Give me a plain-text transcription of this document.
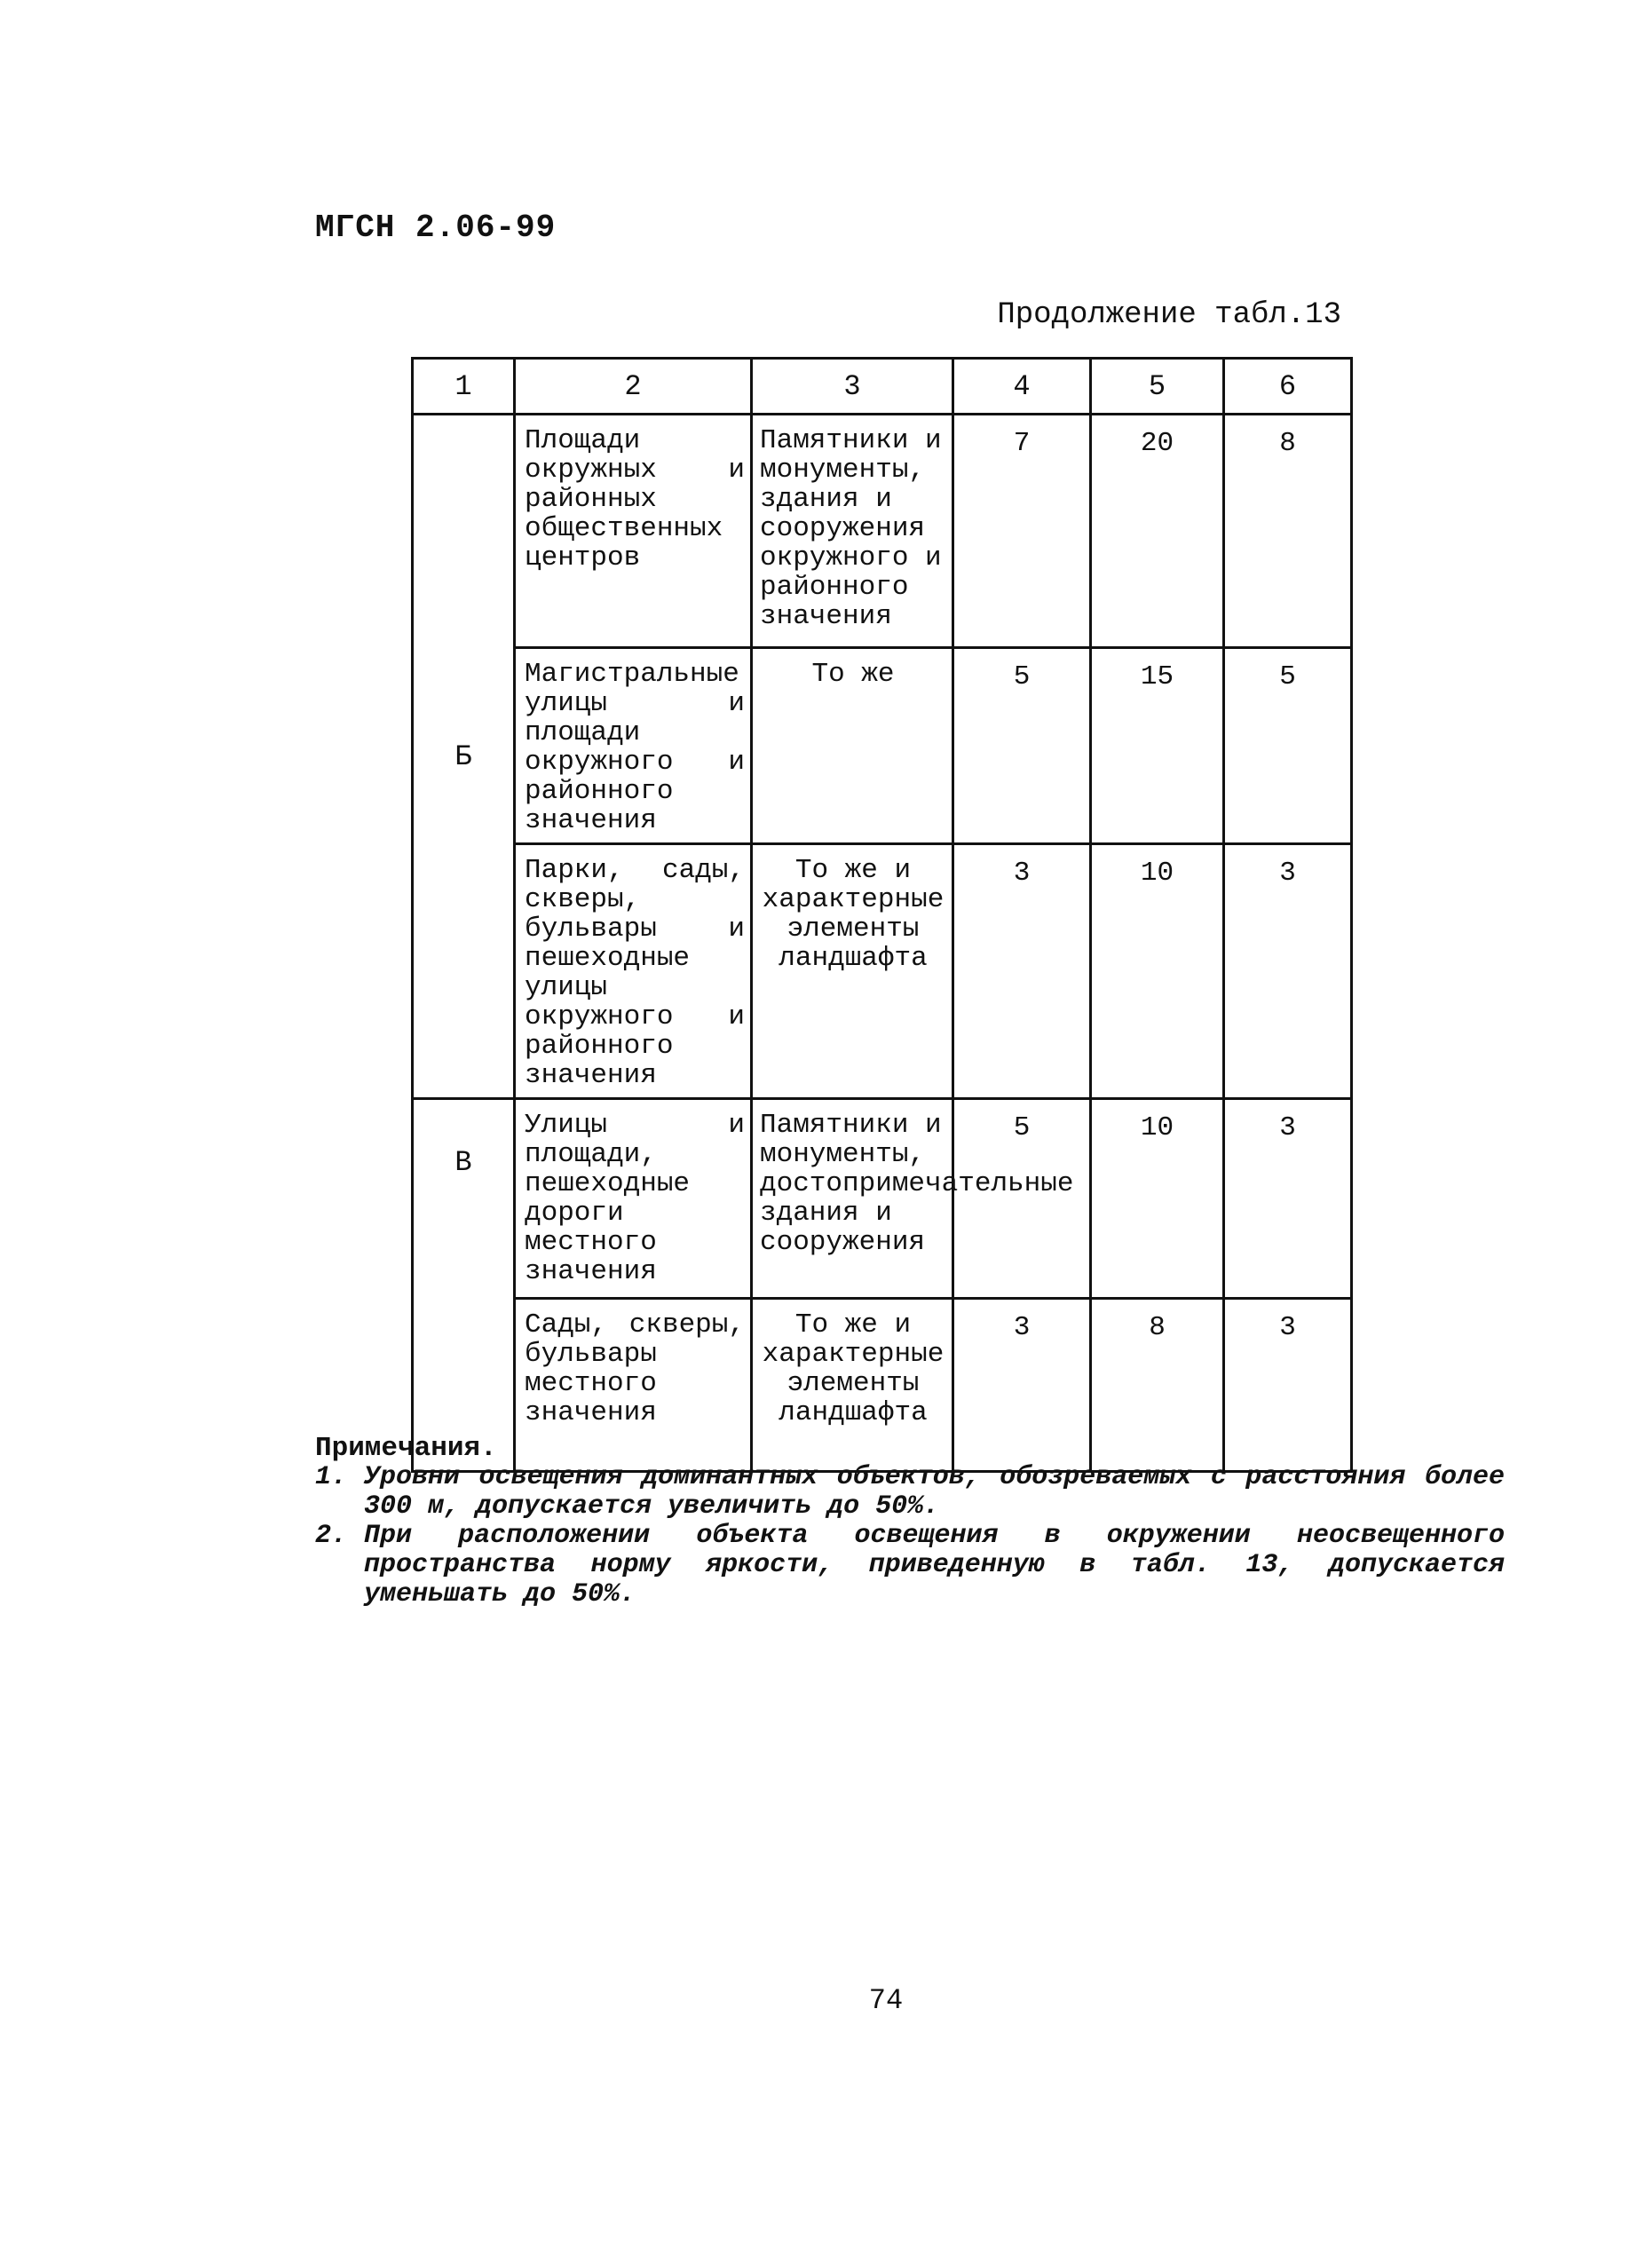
МГСН 2.06-99
Продолжение табл.13
1	2	3	4	5	6
Б	Площади окружных и районных общественных центров	Памятники и монументы, здания и сооружения окружного и районного значения	7	20	8
	Магистральные улицы и площади окружного и районного значения	То же	5	15	5
	Парки, сады, скверы, бульвары и пешеходные улицы окружного и районного значения	То же и характерные элементы ландшафта	3	10	3
В	Улицы и площади, пешеходные дороги местного значения	Памятники и монументы, достопримечательные здания и сооружения	5	10	3
	Сады, скверы, бульвары местного значения	То же и характерные элементы ландшафта	3	8	3
Примечания.
1. Уровни освещения доминантных объектов, обозреваемых с расстояния более 300 м, допускается увеличить до 50%.
2. При расположении объекта освещения в окружении неосвещенного пространства норму яркости, приведенную в табл. 13, допускается уменьшать до 50%.
74
